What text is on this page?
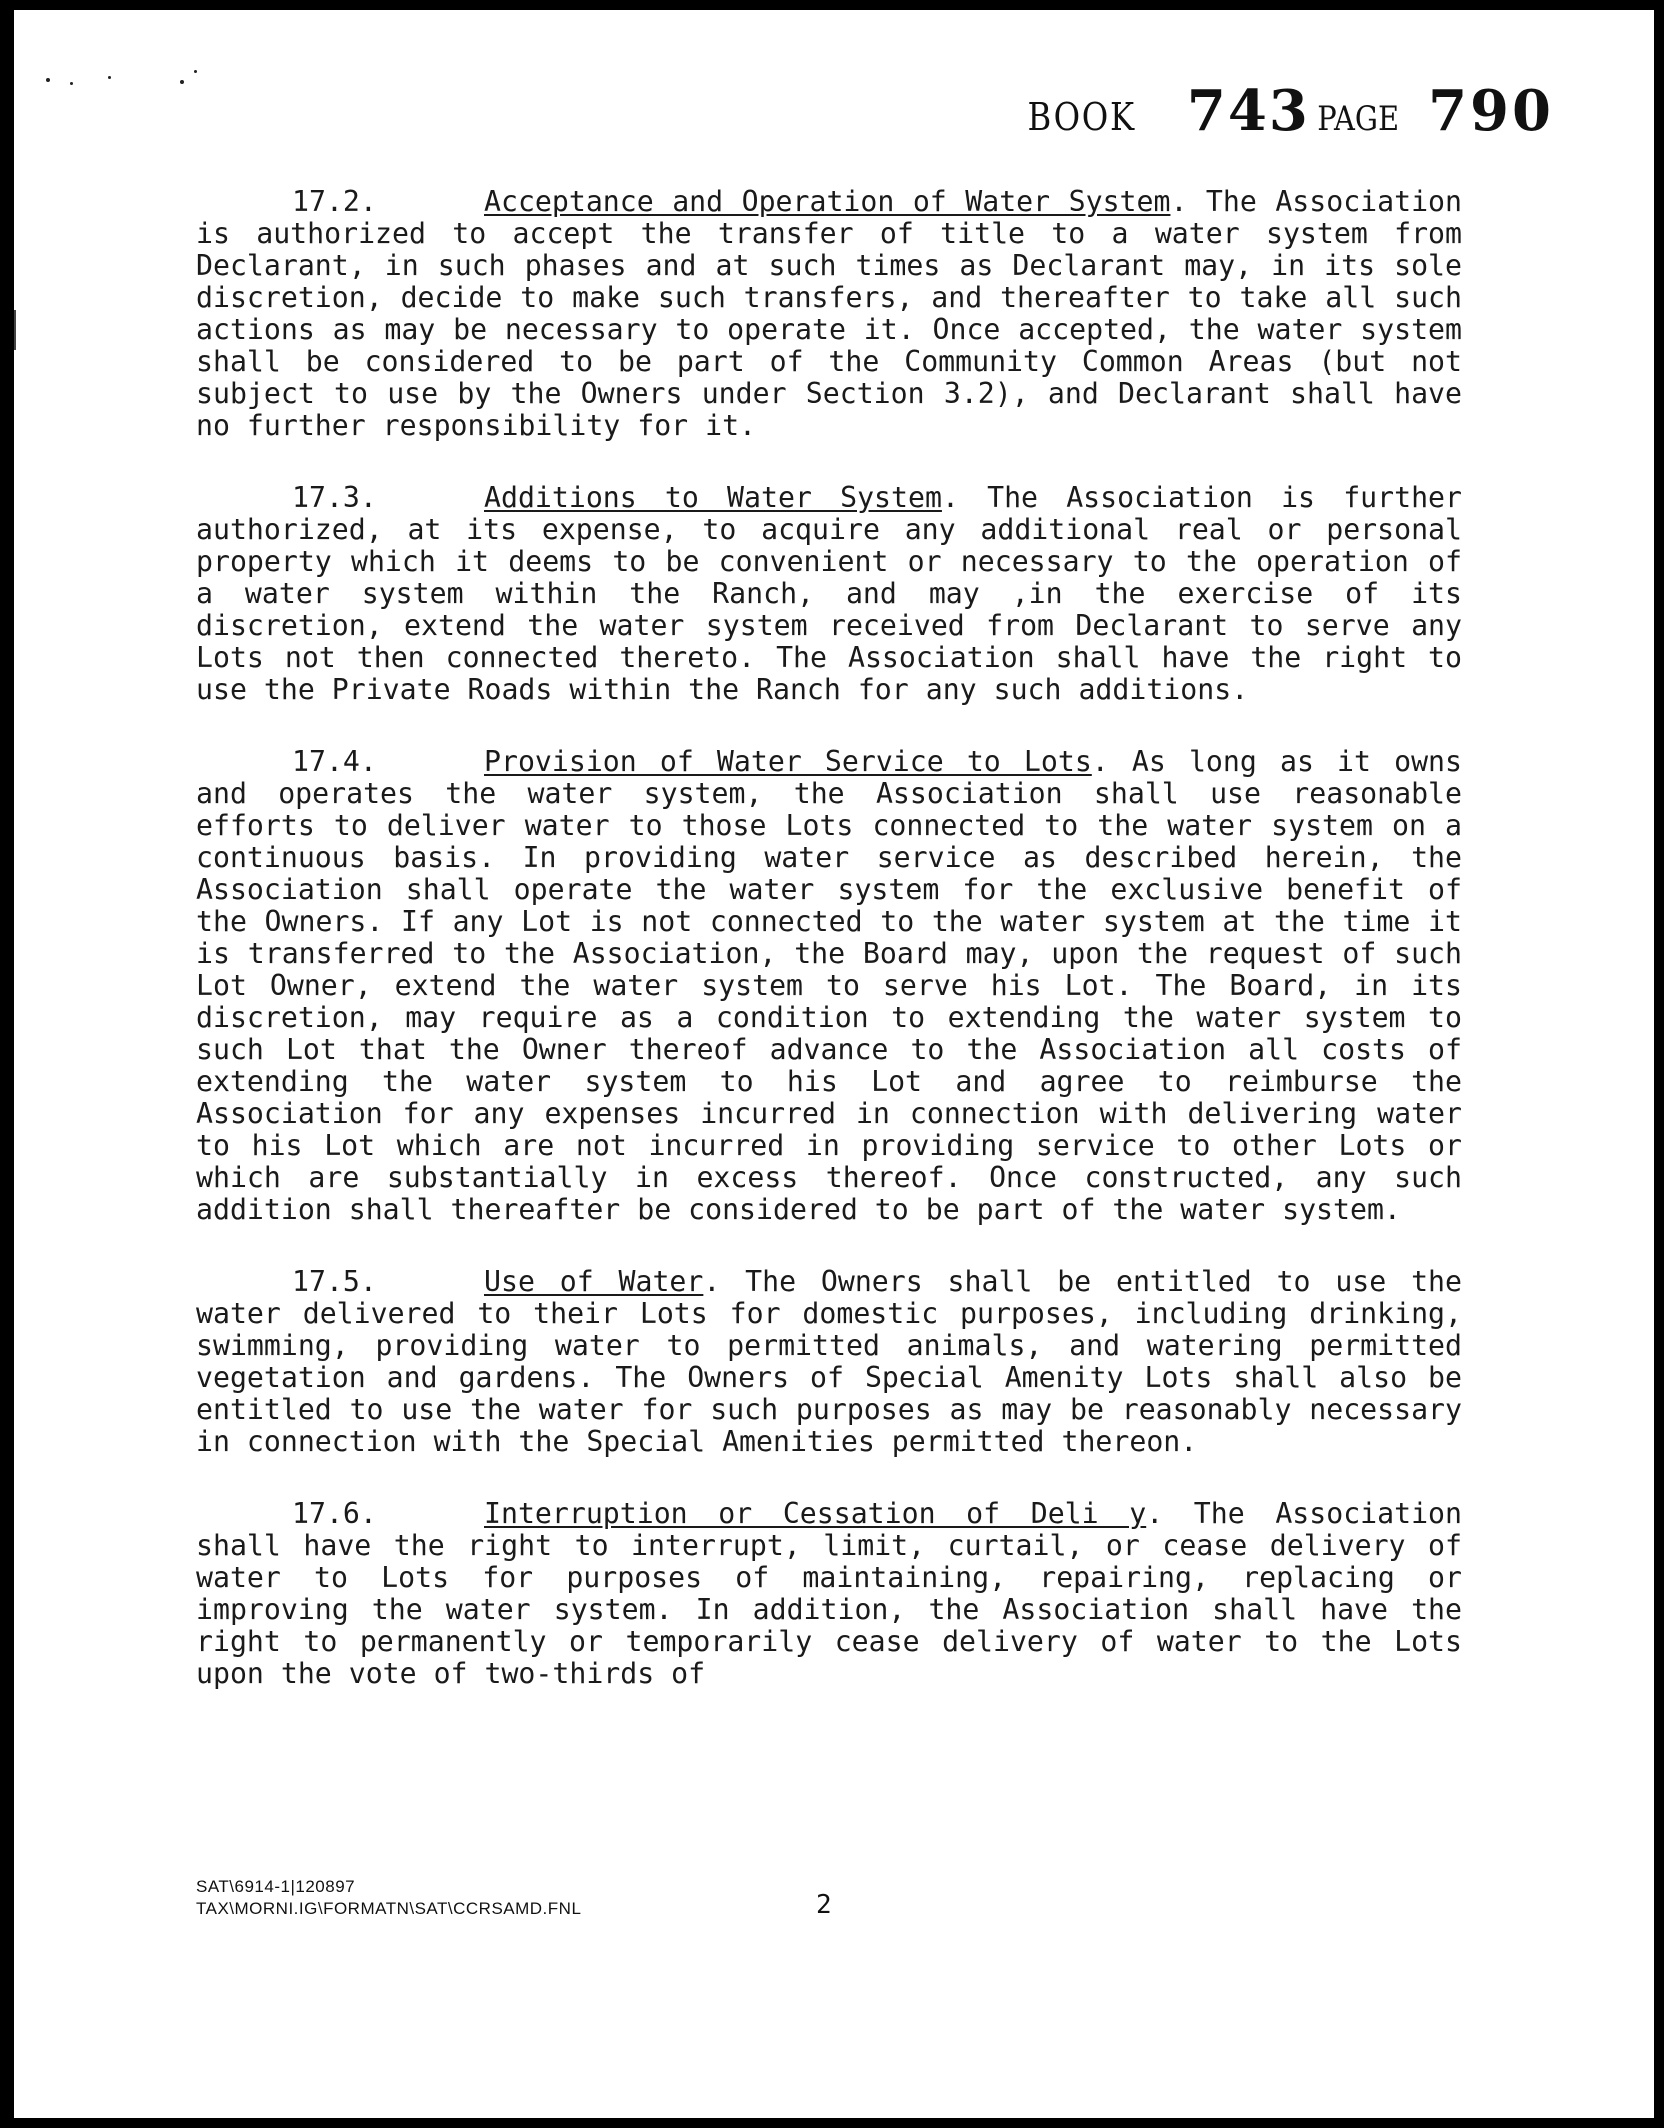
BOOK 743 PAGE 790

17.2.	Acceptance and Operation of Water System. The Association is authorized to accept the transfer of title to a water system from Declarant, in such phases and at such times as Declarant may, in its sole discretion, decide to make such transfers, and thereafter to take all such actions as may be necessary to operate it. Once accepted, the water system shall be considered to be part of the Community Common Areas (but not subject to use by the Owners under Section 3.2), and Declarant shall have no further responsibility for it.

17.3.	Additions to Water System. The Association is further authorized, at its expense, to acquire any additional real or personal property which it deems to be convenient or necessary to the operation of a water system within the Ranch, and may ,in the exercise of its discretion, extend the water system received from Declarant to serve any Lots not then connected thereto. The Association shall have the right to use the Private Roads within the Ranch for any such additions.

17.4.	Provision of Water Service to Lots. As long as it owns and operates the water system, the Association shall use reasonable efforts to deliver water to those Lots connected to the water system on a continuous basis. In providing water service as described herein, the Association shall operate the water system for the exclusive benefit of the Owners. If any Lot is not connected to the water system at the time it is transferred to the Association, the Board may, upon the request of such Lot Owner, extend the water system to serve his Lot. The Board, in its discretion, may require as a condition to extending the water system to such Lot that the Owner thereof advance to the Association all costs of extending the water system to his Lot and agree to reimburse the Association for any expenses incurred in connection with delivering water to his Lot which are not incurred in providing service to other Lots or which are substantially in excess thereof. Once constructed, any such addition shall thereafter be considered to be part of the water system.

17.5.	Use of Water. The Owners shall be entitled to use the water delivered to their Lots for domestic purposes, including drinking, swimming, providing water to permitted animals, and watering permitted vegetation and gardens. The Owners of Special Amenity Lots shall also be entitled to use the water for such purposes as may be reasonably necessary in connection with the Special Amenities permitted thereon.

17.6.	Interruption or Cessation of Deli y. The Association shall have the right to interrupt, limit, curtail, or cease delivery of water to Lots for purposes of maintaining, repairing, replacing or improving the water system. In addition, the Association shall have the right to permanently or temporarily cease delivery of water to the Lots upon the vote of two-thirds of

SAT\6914-1|120897
TAX\MORNI.IG\FORMATN\SAT\CCRSAMD.FNL	2
